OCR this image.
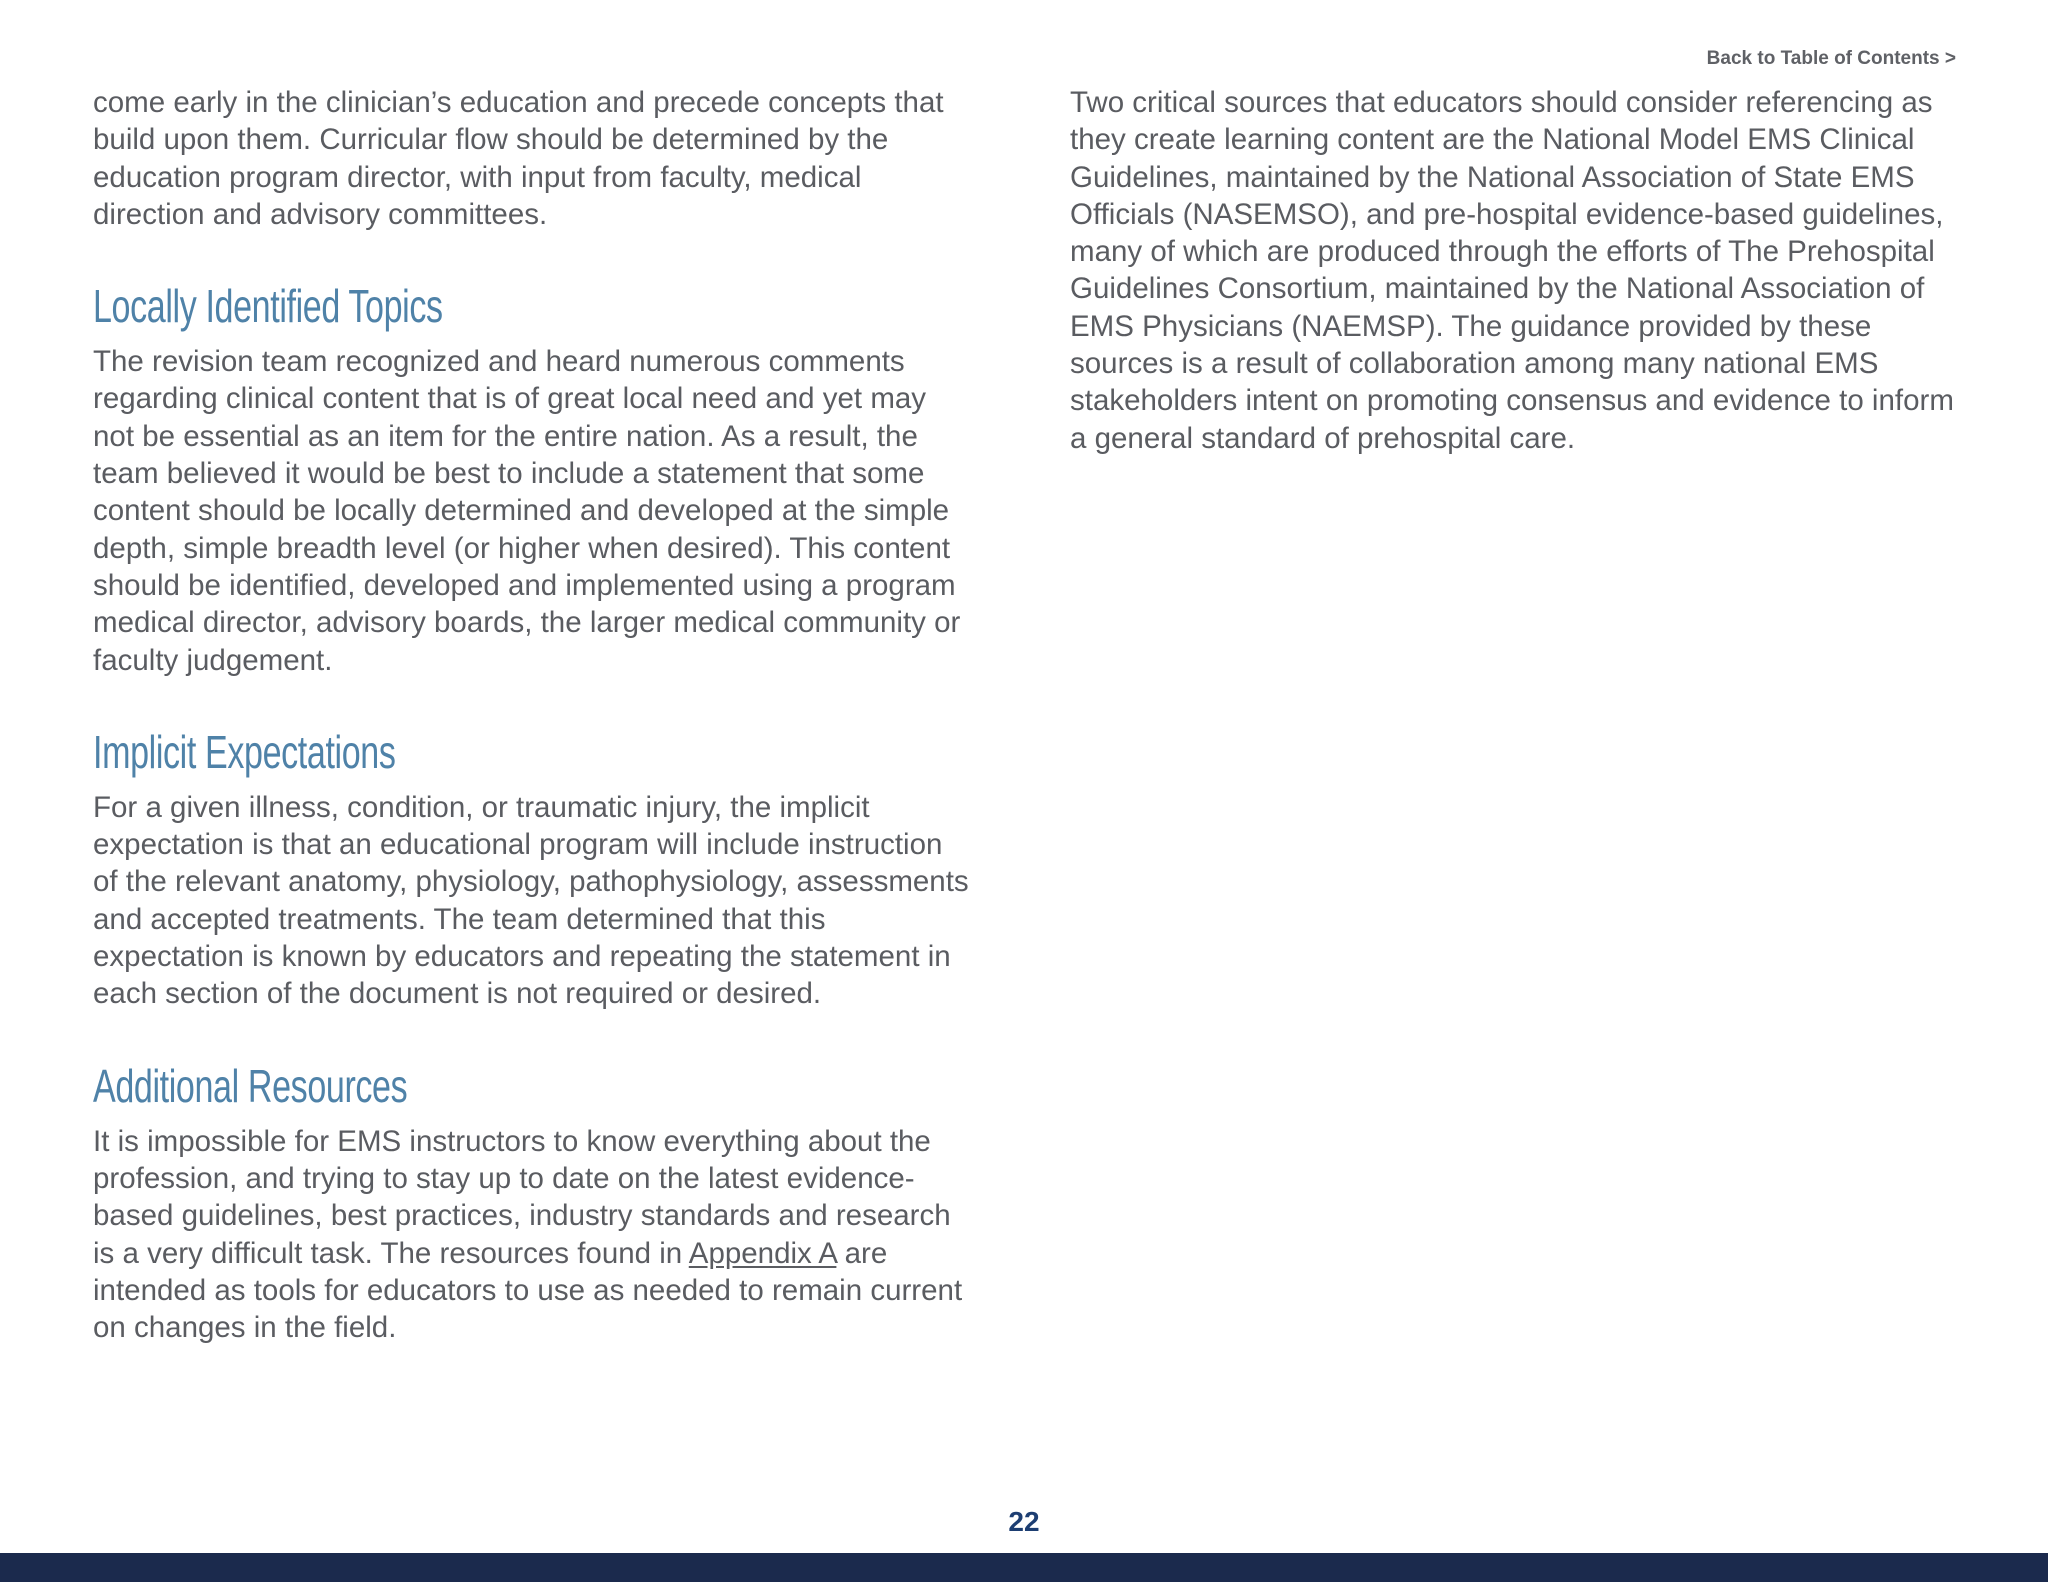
Back to Table of Contents >

come early in the clinician’s education and precede concepts that build upon them. Curricular flow should be determined by the education program director, with input from faculty, medical direction and advisory committees.

Locally Identified Topics

The revision team recognized and heard numerous comments regarding clinical content that is of great local need and yet may not be essential as an item for the entire nation. As a result, the team believed it would be best to include a statement that some content should be locally determined and developed at the simple depth, simple breadth level (or higher when desired). This content should be identified, developed and implemented using a program medical director, advisory boards, the larger medical community or faculty judgement.

Implicit Expectations

For a given illness, condition, or traumatic injury, the implicit expectation is that an educational program will include instruction of the relevant anatomy, physiology, pathophysiology, assessments and accepted treatments. The team determined that this expectation is known by educators and repeating the statement in each section of the document is not required or desired.

Additional Resources

It is impossible for EMS instructors to know everything about the profession, and trying to stay up to date on the latest evidence-based guidelines, best practices, industry standards and research is a very difficult task. The resources found in Appendix A are intended as tools for educators to use as needed to remain current on changes in the field.

Two critical sources that educators should consider referencing as they create learning content are the National Model EMS Clinical Guidelines, maintained by the National Association of State EMS Officials (NASEMSO), and pre-hospital evidence-based guidelines, many of which are produced through the efforts of The Prehospital Guidelines Consortium, maintained by the National Association of EMS Physicians (NAEMSP). The guidance provided by these sources is a result of collaboration among many national EMS stakeholders intent on promoting consensus and evidence to inform a general standard of prehospital care.

22
